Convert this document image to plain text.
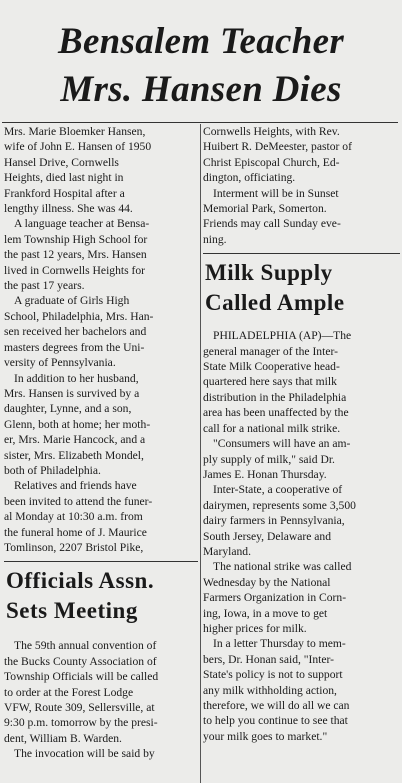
Bensalem Teacher
Mrs. Hansen Dies

Mrs. Marie Bloemker Hansen,
wife of John E. Hansen of 1950
Hansel Drive, Cornwells
Heights, died last night in
Frankford Hospital after a
lengthy illness. She was 44.

A language teacher at Bensa-
lem Township High School for
the past 12 years, Mrs. Hansen
lived in Cornwells Heights for
the past 17 years.

A graduate of Girls High
School, Philadelphia, Mrs. Han-
sen received her bachelors and
masters degrees from the Uni-
versity of Pennsylvania.

In addition to her husband,
Mrs. Hansen is survived by a
daughter, Lynne, and a son,
Glenn, both at home; her moth-
er, Mrs. Marie Hancock, and a
sister, Mrs. Elizabeth Mondel,
both of Philadelphia.

Relatives and friends have
been invited to attend the funer-
al Monday at 10:30 a.m. from
the funeral home of J. Maurice
Tomlinson, 2207 Bristol Pike,

Officials Assn.
Sets Meeting

The 59th annual convention of
the Bucks County Association of
Township Officials will be called
to order at the Forest Lodge
VFW, Route 309, Sellersville, at
9:30 p.m. tomorrow by the presi-
dent, William B. Warden.

The invocation will be said by

Cornwells Heights, with Rev.
Huibert R. DeMeester, pastor of
Christ Episcopal Church, Ed-
dington, officiating.

Interment will be in Sunset
Memorial Park, Somerton.
Friends may call Sunday eve-
ning.

Milk Supply
Called Ample

PHILADELPHIA (AP)—The
general manager of the Inter-
State Milk Cooperative head-
quartered here says that milk
distribution in the Philadelphia
area has been unaffected by the
call for a national milk strike.

"Consumers will have an am-
ply supply of milk," said Dr.
James E. Honan Thursday.

Inter-State, a cooperative of
dairymen, represents some 3,500
dairy farmers in Pennsylvania,
South Jersey, Delaware and
Maryland.

The national strike was called
Wednesday by the National
Farmers Organization in Corn-
ing, Iowa, in a move to get
higher prices for milk.

In a letter Thursday to mem-
bers, Dr. Honan said, "Inter-
State's policy is not to support
any milk withholding action,
therefore, we will do all we can
to help you continue to see that
your milk goes to market."
